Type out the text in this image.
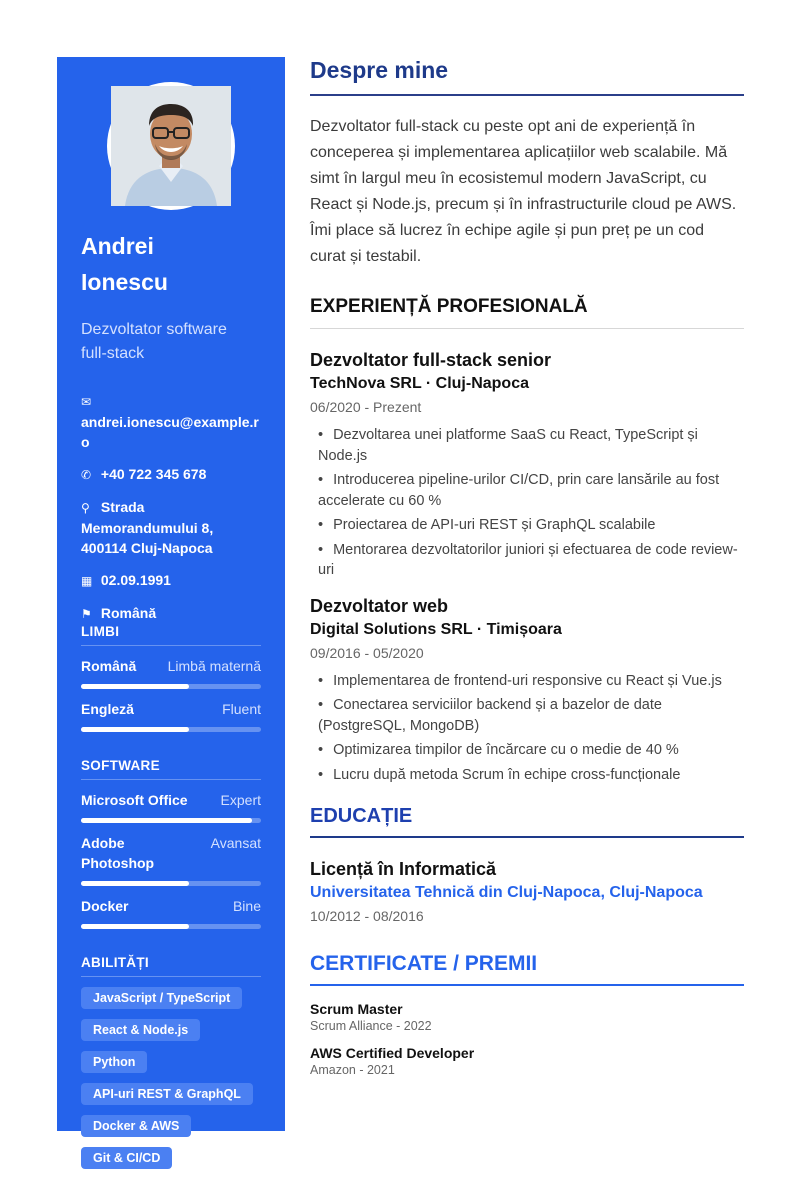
Andrei
Ionescu
Dezvoltator software
full-stack
✉
andrei.ionescu@example.ro
✆ +40 722 345 678
⚲ Strada
Memorandumului 8,
400114 Cluj-Napoca
▦ 02.09.1991
⚑ Română
LIMBI
Română Limbă maternă
Engleză	Fluent
SOFTWARE
Microsoft Office Expert
Adobe Photoshop
Avansat
Docker	Bine
ABILITĂȚI
JavaScript / TypeScript
React & Node.js
Python
API-uri REST & GraphQL
Docker & AWS
Git & CI/CD
Despre mine

Dezvoltator full-stack cu peste opt ani de experiență în conceperea și implementarea aplicațiilor web scalabile. Mă simt în largul meu în ecosistemul modern JavaScript, cu React și Node.js, precum și în infrastructurile cloud pe AWS. Îmi place să lucrez în echipe agile și pun preț pe un cod curat și testabil.

EXPERIENȚĂ PROFESIONALĂ
Dezvoltator full-stack senior
TechNova SRL · Cluj-Napoca
06/2020 - Prezent
• Dezvoltarea unei platforme SaaS cu React, TypeScript și Node.js
• Introducerea pipeline-urilor CI/CD, prin care lansările au fost accelerate cu 60 %
• Proiectarea de API-uri REST și GraphQL scalabile
• Mentorarea dezvoltatorilor juniori și efectuarea de code review-uri
Dezvoltator web
Digital Solutions SRL · Timișoara
09/2016 - 05/2020
• Implementarea de frontend-uri responsive cu React și Vue.js
• Conectarea serviciilor backend și a bazelor de date (PostgreSQL, MongoDB)
• Optimizarea timpilor de încărcare cu o medie de 40 %
• Lucru după metoda Scrum în echipe cross-funcționale
EDUCAȚIE
Licență în Informatică
Universitatea Tehnică din Cluj-Napoca, Cluj-Napoca
10/2012 - 08/2016
CERTIFICATE / PREMII
Scrum Master
Scrum Alliance - 2022
AWS Certified Developer
Amazon - 2021
